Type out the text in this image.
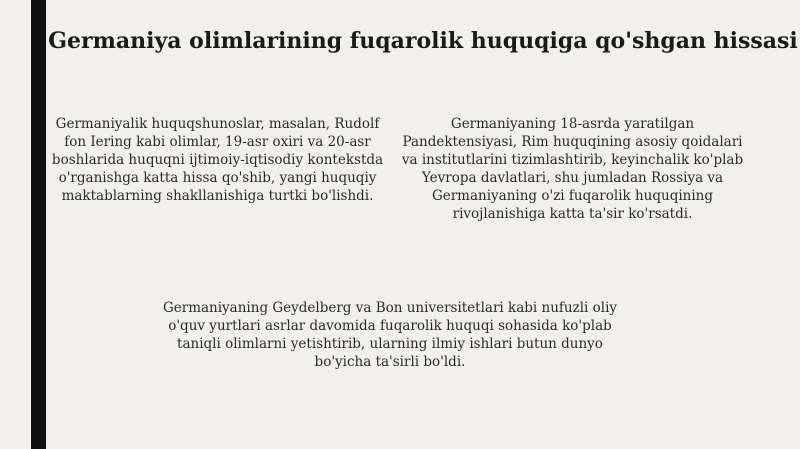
Germaniya olimlarining fuqarolik huquqiga qo'shgan hissasi
Germaniyalik huquqshunoslar, masalan, Rudolf fon Iering kabi olimlar, 19-asr oxiri va 20-asr boshlarida huquqni ijtimoiy-iqtisodiy kontekstda o'rganishga katta hissa qo'shib, yangi huquqiy maktablarning shakllanishiga turtki bo'lishdi.
Germaniyaning 18-asrda yaratilgan Pandektensiyasi, Rim huquqining asosiy qoidalari va institutlarini tizimlashtirib, keyinchalik ko'plab Yevropa davlatlari, shu jumladan Rossiya va Germaniyaning o'zi fuqarolik huquqining rivojlanishiga katta ta'sir ko'rsatdi.
Germaniyaning Geydelberg va Bon universitetlari kabi nufuzli oliy o'quv yurtlari asrlar davomida fuqarolik huquqi sohasida ko'plab taniqli olimlarni yetishtirib, ularning ilmiy ishlari butun dunyo bo'yicha ta'sirli bo'ldi.
